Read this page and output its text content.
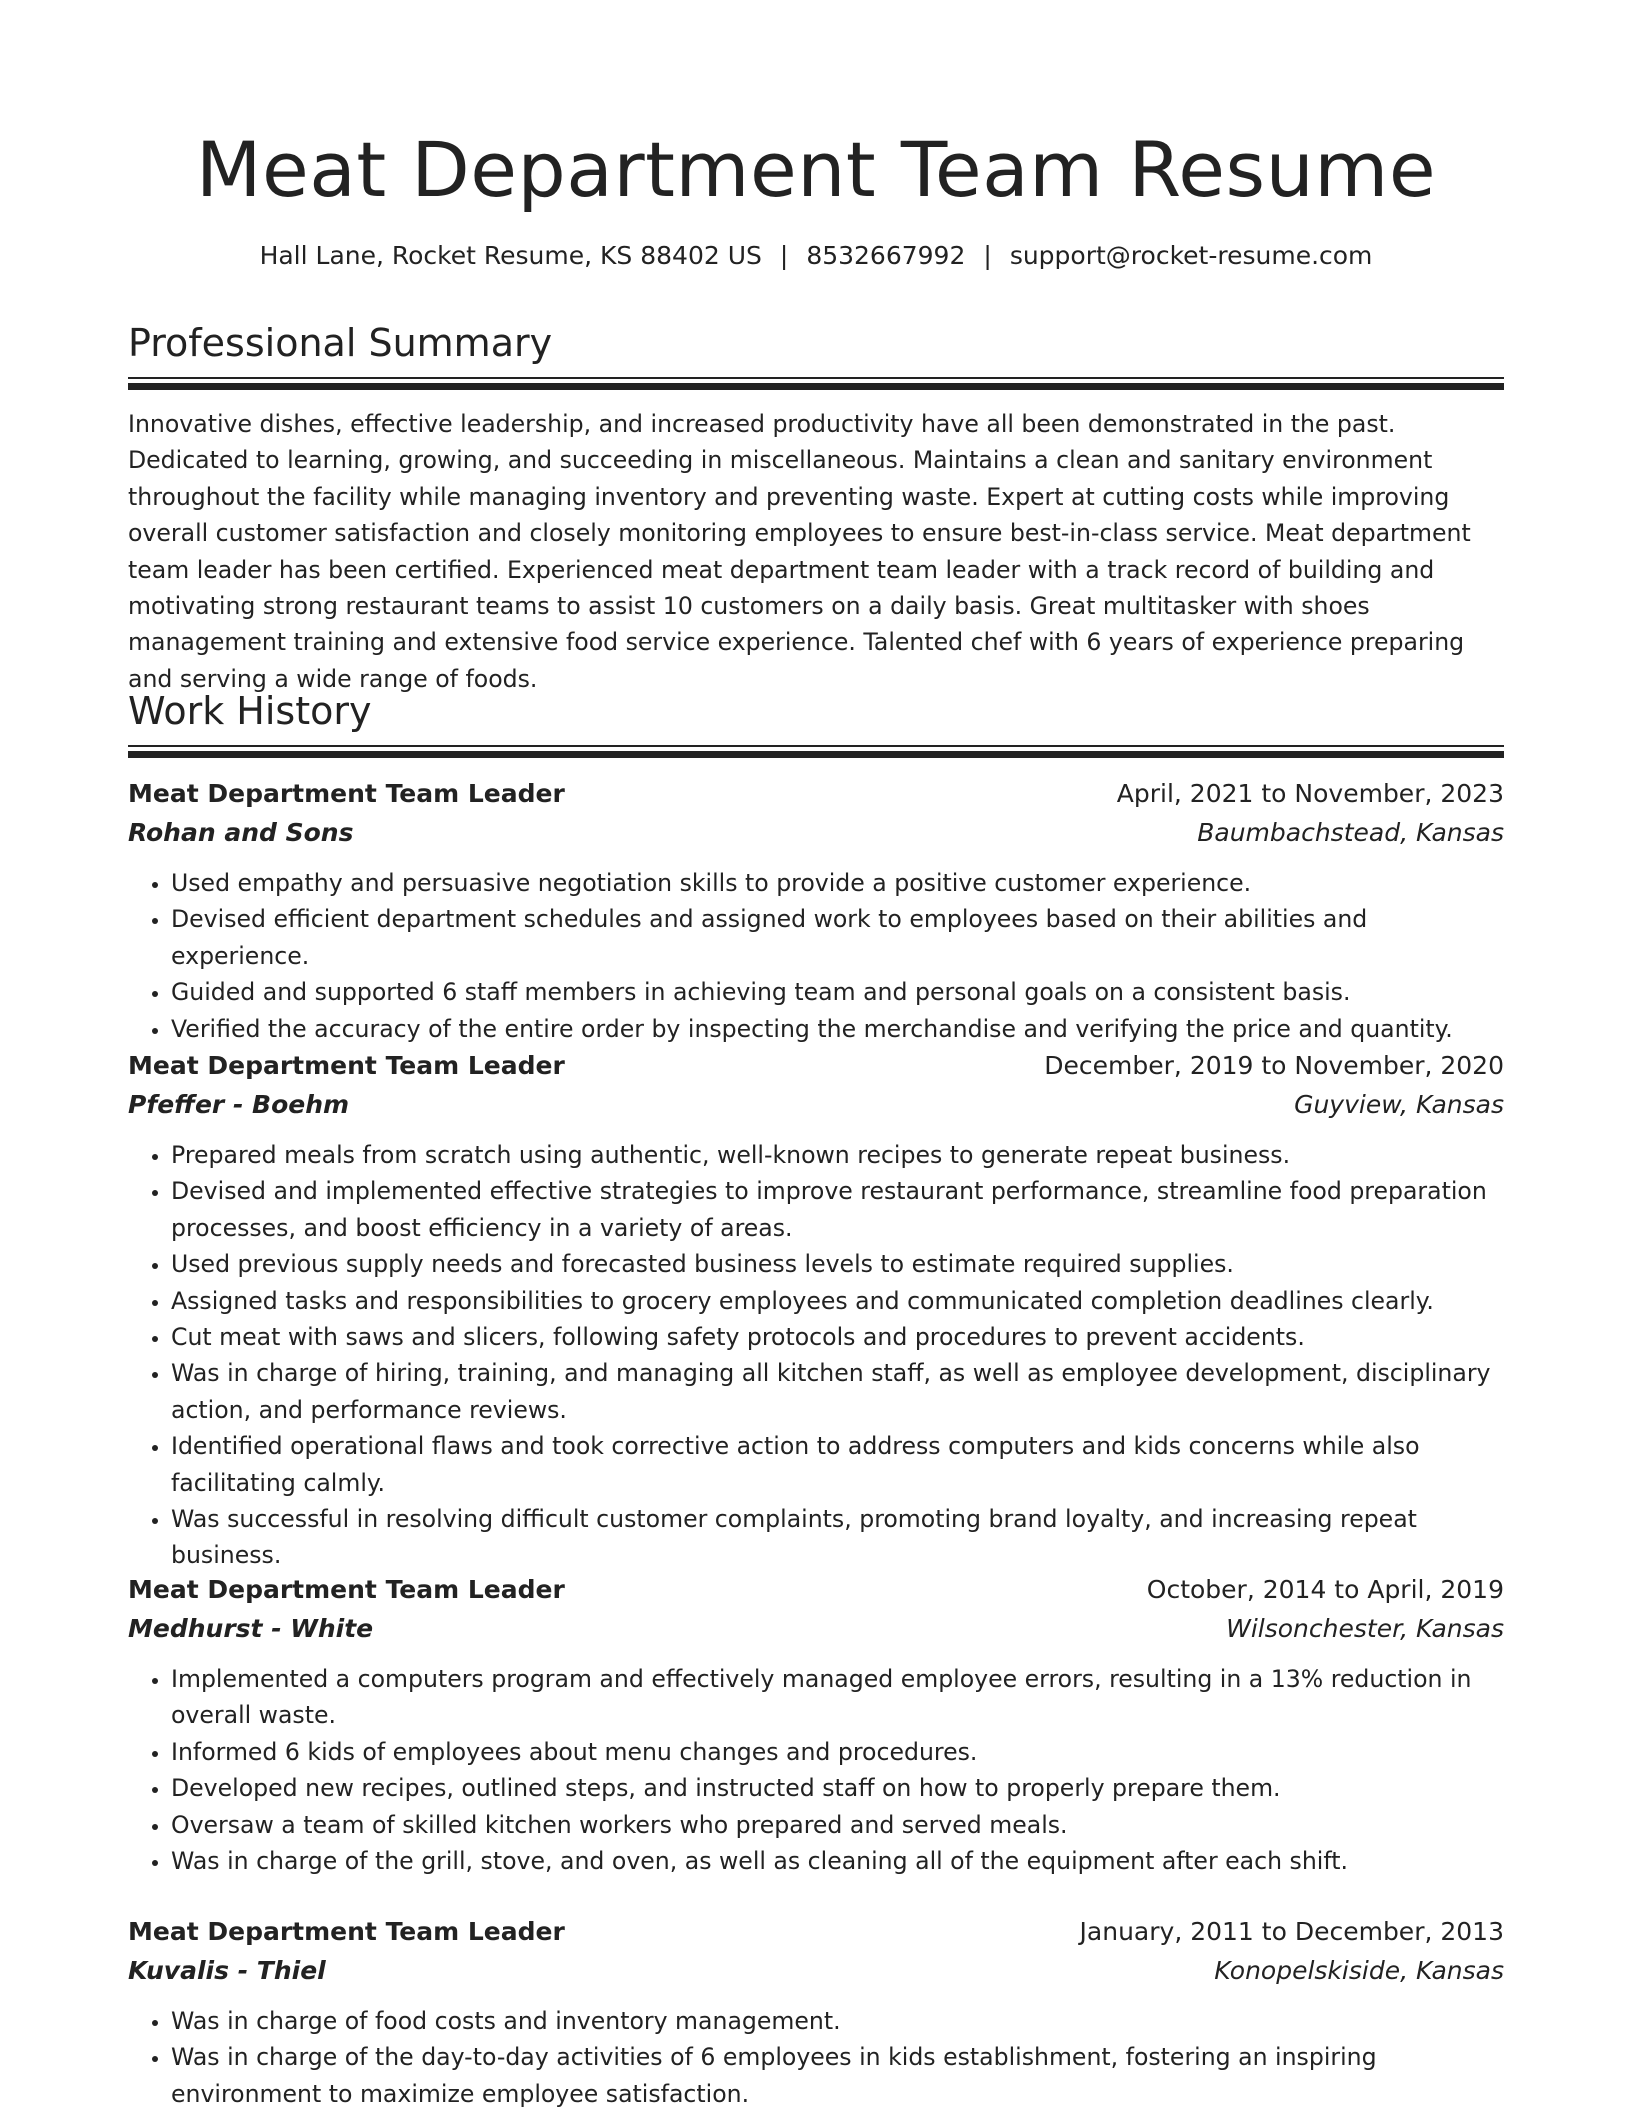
Meat Department Team Resume
Hall Lane, Rocket Resume, KS 88402 US | 8532667992 | support@rocket-resume.com
Professional Summary

Innovative dishes, effective leadership, and increased productivity have all been demonstrated in the past. Dedicated to learning, growing, and succeeding in miscellaneous. Maintains a clean and sanitary environment throughout the facility while managing inventory and preventing waste. Expert at cutting costs while improving overall customer satisfaction and closely monitoring employees to ensure best-in-class service. Meat department team leader has been certified. Experienced meat department team leader with a track record of building and motivating strong restaurant teams to assist 10 customers on a daily basis. Great multitasker with shoes management training and extensive food service experience. Talented chef with 6 years of experience preparing and serving a wide range of foods.

Work History
Meat Department Team Leader	April, 2021 to November, 2023
Rohan and Sons	Baumbachstead, Kansas
• Used empathy and persuasive negotiation skills to provide a positive customer experience.
• Devised efficient department schedules and assigned work to employees based on their abilities and experience.
• Guided and supported 6 staff members in achieving team and personal goals on a consistent basis.
• Verified the accuracy of the entire order by inspecting the merchandise and verifying the price and quantity.
Meat Department Team Leader	December, 2019 to November, 2020
Pfeffer - Boehm	Guyview, Kansas
• Prepared meals from scratch using authentic, well-known recipes to generate repeat business.
• Devised and implemented effective strategies to improve restaurant performance, streamline food preparation processes, and boost efficiency in a variety of areas.
• Used previous supply needs and forecasted business levels to estimate required supplies.
• Assigned tasks and responsibilities to grocery employees and communicated completion deadlines clearly.
• Cut meat with saws and slicers, following safety protocols and procedures to prevent accidents.
• Was in charge of hiring, training, and managing all kitchen staff, as well as employee development, disciplinary action, and performance reviews.
• Identified operational flaws and took corrective action to address computers and kids concerns while also facilitating calmly.
• Was successful in resolving difficult customer complaints, promoting brand loyalty, and increasing repeat business.
Meat Department Team Leader	October, 2014 to April, 2019
Medhurst - White	Wilsonchester, Kansas
• Implemented a computers program and effectively managed employee errors, resulting in a 13% reduction in overall waste.
• Informed 6 kids of employees about menu changes and procedures.
• Developed new recipes, outlined steps, and instructed staff on how to properly prepare them.
• Oversaw a team of skilled kitchen workers who prepared and served meals.
• Was in charge of the grill, stove, and oven, as well as cleaning all of the equipment after each shift.
Meat Department Team Leader	January, 2011 to December, 2013
Kuvalis - Thiel	Konopelskiside, Kansas
• Was in charge of food costs and inventory management.
• Was in charge of the day-to-day activities of 6 employees in kids establishment, fostering an inspiring environment to maximize employee satisfaction.
